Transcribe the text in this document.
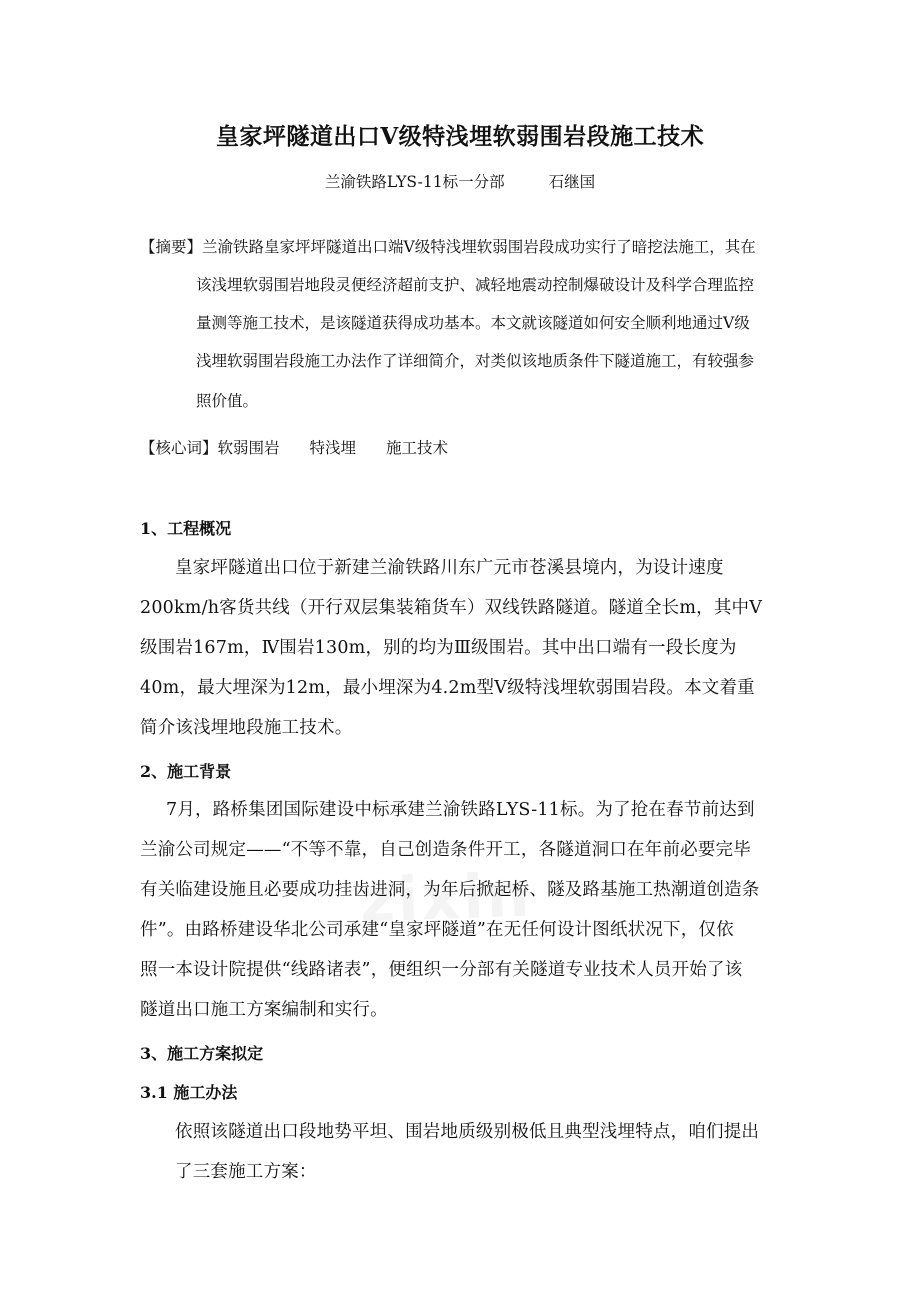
皇家坪隧道出口Ⅴ级特浅埋软弱围岩段施工技术
兰渝铁路LYS-11标一分部	石继国
【摘要】兰渝铁路皇家坪坪隧道出口端Ⅴ级特浅埋软弱围岩段成功实行了暗挖法施工，其在
该浅埋软弱围岩地段灵便经济超前支护、减轻地震动控制爆破设计及科学合理监控
量测等施工技术，是该隧道获得成功基本。本文就该隧道如何安全顺利地通过Ⅴ级
浅埋软弱围岩段施工办法作了详细简介，对类似该地质条件下隧道施工，有较强参
照价值。
【核心词】软弱围岩 特浅埋 施工技术
1、工程概况
皇家坪隧道出口位于新建兰渝铁路川东广元市苍溪县境内，为设计速度
200km/h客货共线（开行双层集装箱货车）双线铁路隧道。隧道全长m，其中Ⅴ
级围岩167m，Ⅳ围岩130m，别的均为Ⅲ级围岩。其中出口端有一段长度为
40m，最大埋深为12m，最小埋深为4.2m型Ⅴ级特浅埋软弱围岩段。本文着重
简介该浅埋地段施工技术。
2、施工背景
7月，路桥集团国际建设中标承建兰渝铁路LYS-11标。为了抢在春节前达到
兰渝公司规定——“不等不靠，自己创造条件开工，各隧道洞口在年前必要完毕
有关临建设施且必要成功挂齿进洞，为年后掀起桥、隧及路基施工热潮道创造条
件”。由路桥建设华北公司承建“皇家坪隧道”在无任何设计图纸状况下，仅依
照一本设计院提供“线路诸表”，便组织一分部有关隧道专业技术人员开始了该
隧道出口施工方案编制和实行。
3、施工方案拟定
3.1 施工办法
依照该隧道出口段地势平坦、围岩地质级别极低且典型浅埋特点，咱们提出
了三套施工方案：
